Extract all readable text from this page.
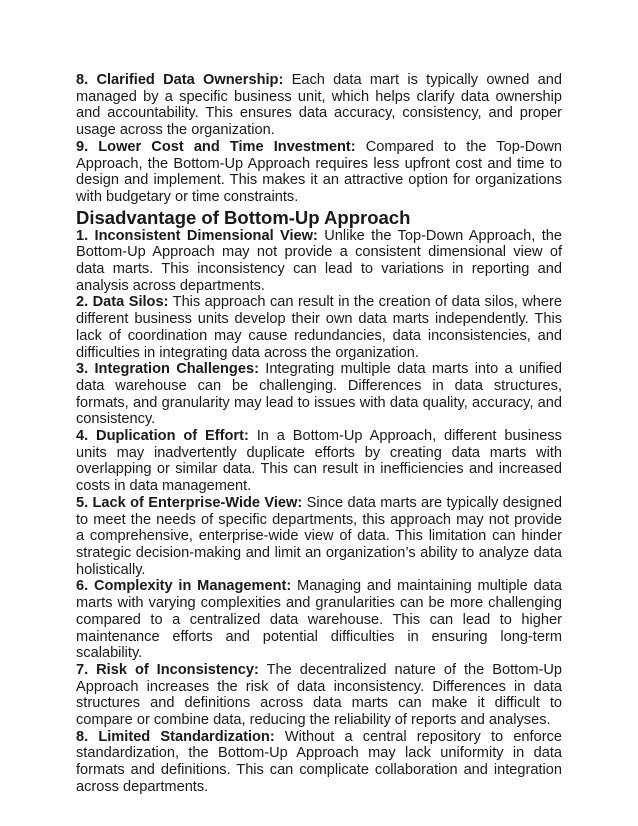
8. Clarified Data Ownership: Each data mart is typically owned and managed by a specific business unit, which helps clarify data ownership and accountability. This ensures data accuracy, consistency, and proper usage across the organization.

9. Lower Cost and Time Investment: Compared to the Top-Down Approach, the Bottom-Up Approach requires less upfront cost and time to design and implement. This makes it an attractive option for organizations with budgetary or time constraints.

Disadvantage of Bottom-Up Approach

1. Inconsistent Dimensional View: Unlike the Top-Down Approach, the Bottom-Up Approach may not provide a consistent dimensional view of data marts. This inconsistency can lead to variations in reporting and analysis across departments.

2. Data Silos: This approach can result in the creation of data silos, where different business units develop their own data marts independently. This lack of coordination may cause redundancies, data inconsistencies, and difficulties in integrating data across the organization.

3. Integration Challenges: Integrating multiple data marts into a unified data warehouse can be challenging. Differences in data structures, formats, and granularity may lead to issues with data quality, accuracy, and consistency.

4. Duplication of Effort: In a Bottom-Up Approach, different business units may inadvertently duplicate efforts by creating data marts with overlapping or similar data. This can result in inefficiencies and increased costs in data management.

5. Lack of Enterprise-Wide View: Since data marts are typically designed to meet the needs of specific departments, this approach may not provide a comprehensive, enterprise-wide view of data. This limitation can hinder strategic decision-making and limit an organization’s ability to analyze data holistically.

6. Complexity in Management: Managing and maintaining multiple data marts with varying complexities and granularities can be more challenging compared to a centralized data warehouse. This can lead to higher maintenance efforts and potential difficulties in ensuring long-term scalability.

7. Risk of Inconsistency: The decentralized nature of the Bottom-Up Approach increases the risk of data inconsistency. Differences in data structures and definitions across data marts can make it difficult to compare or combine data, reducing the reliability of reports and analyses.

8. Limited Standardization: Without a central repository to enforce standardization, the Bottom-Up Approach may lack uniformity in data formats and definitions. This can complicate collaboration and integration across departments.
